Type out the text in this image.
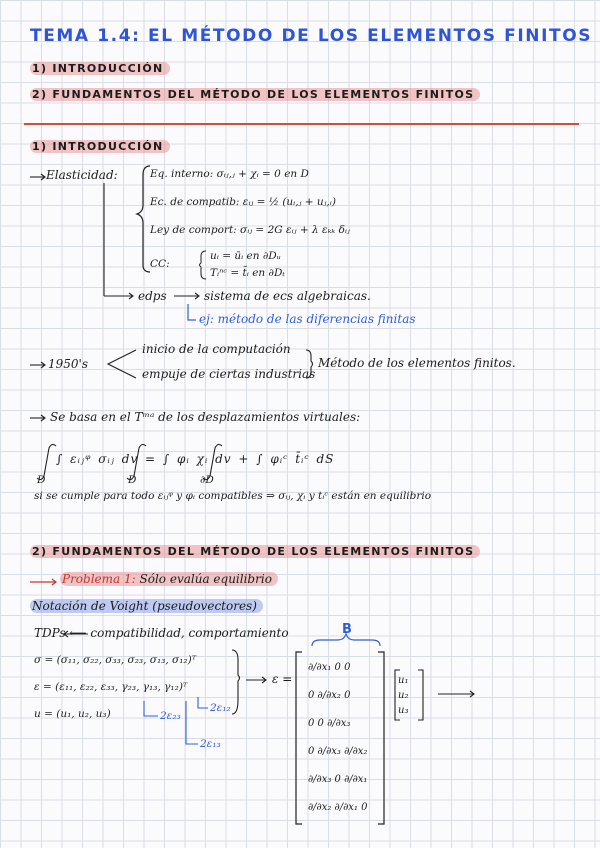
TEMA 1.4: EL MÉTODO DE LOS ELEMENTOS FINITOS
1) INTRODUCCIÓN
2) FUNDAMENTOS DEL MÉTODO DE LOS ELEMENTOS FINITOS
1) INTRODUCCIÓN
Elasticidad:	Eq. interno: σᵢⱼ,ⱼ + χᵢ = 0 en D
Ec. de compatib: εᵢⱼ = ½ (uᵢ,ⱼ + uⱼ,ᵢ)
Ley de comport: σᵢⱼ = 2G εᵢⱼ + λ εₖₖ δᵢⱼ
CC:
uᵢ = ūᵢ en ∂Dᵤ
Tᵢⁿᶜ = t̄ᵢ en ∂Dₜ
edps	sistema de ecs algebraicas.
ej: método de las diferencias finitas
1950's
inicio de la computación
empuje de ciertas industrias
Método de los elementos finitos.
Se basa en el Tᵐᵃ de los desplazamientos virtuales:
∫ εᵢⱼᵠ σᵢⱼ dv = ∫ φᵢ χᵢ dv + ∫ φᵢᶜ t̄ᵢᶜ dS
D	D	∂D
si se cumple para todo εᵢⱼᵠ y φᵢ compatibles ⇒ σᵢⱼ, χᵢ y tᵢᶜ están en equilibrio
2) FUNDAMENTOS DEL MÉTODO DE LOS ELEMENTOS FINITOS
Problema 1: Sólo evalúa equilibrio
Notación de Voight (pseudovectores)
TDPs ⟵ compatibilidad, comportamiento
σ = (σ₁₁, σ₂₂, σ₃₃, σ₂₃, σ₁₃, σ₁₂)ᵀ
ε = (ε₁₁, ε₂₂, ε₃₃, γ₂₃, γ₁₃, γ₁₂)ᵀ
u = (u₁, u₂, u₃)	2ε₂₃
2ε₁₂
2ε₁₃
ε =
B
∂/∂x₁ 0 0
0 ∂/∂x₂ 0
0 0 ∂/∂x₃
0 ∂/∂x₃ ∂/∂x₂
∂/∂x₃ 0 ∂/∂x₁
∂/∂x₂ ∂/∂x₁ 0
u₁
u₂
u₃
